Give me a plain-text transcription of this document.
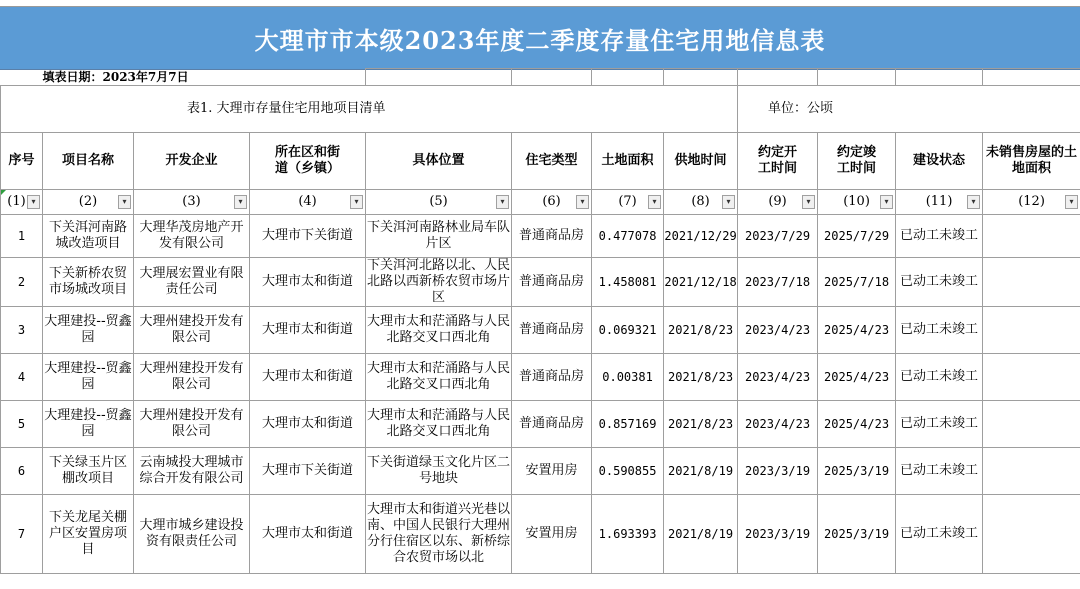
大理市市本级2023年度二季度存量住宅用地信息表
填表日期：2023年7月7日											
表1. 大理市存量住宅用地项目清单								单位：公顷			
序号	项目名称	开发企业	所在区和街道（乡镇）	具体位置	住宅类型	土地面积	供地时间	约定开工时间	约定竣工时间	建设状态	未销售房屋的土地面积

(1) ▾	(2) ▾	(3) ▾	(4) ▾	(5) ▾	(6) ▾	(7) ▾	(8) ▾	(9) ▾	(10) ▾	(11) ▾	(12) ▾

1	下关洱河南路城改造项目	大理华茂房地产开发有限公司	大理市下关街道	下关洱河南路林业局车队片区	普通商品房	0.477078	2021/12/29	2023/7/29	2025/7/29	已动工未竣工	
2	下关新桥农贸市场城改项目	大理展宏置业有限责任公司	大理市太和街道	下关洱河北路以北、人民北路以西新桥农贸市场片区	普通商品房	1.458081	2021/12/18	2023/7/18	2025/7/18	已动工未竣工	
3	大理建投--贸鑫园	大理州建投开发有限公司	大理市太和街道	大理市太和茫涌路与人民北路交叉口西北角	普通商品房	0.069321	2021/8/23	2023/4/23	2025/4/23	已动工未竣工	
4	大理建投--贸鑫园	大理州建投开发有限公司	大理市太和街道	大理市太和茫涌路与人民北路交叉口西北角	普通商品房	0.00381	2021/8/23	2023/4/23	2025/4/23	已动工未竣工	
5	大理建投--贸鑫园	大理州建投开发有限公司	大理市太和街道	大理市太和茫涌路与人民北路交叉口西北角	普通商品房	0.857169	2021/8/23	2023/4/23	2025/4/23	已动工未竣工	
6	下关绿玉片区棚改项目	云南城投大理城市综合开发有限公司	大理市下关街道	下关街道绿玉文化片区二号地块	安置用房	0.590855	2021/8/19	2023/3/19	2025/3/19	已动工未竣工	
7	下关龙尾关棚户区安置房项目	大理市城乡建设投资有限责任公司	大理市太和街道	大理市太和街道兴光巷以南、中国人民银行大理州分行住宿区以东、新桥综合农贸市场以北	安置用房	1.693393	2021/8/19	2023/3/19	2025/3/19	已动工未竣工	
